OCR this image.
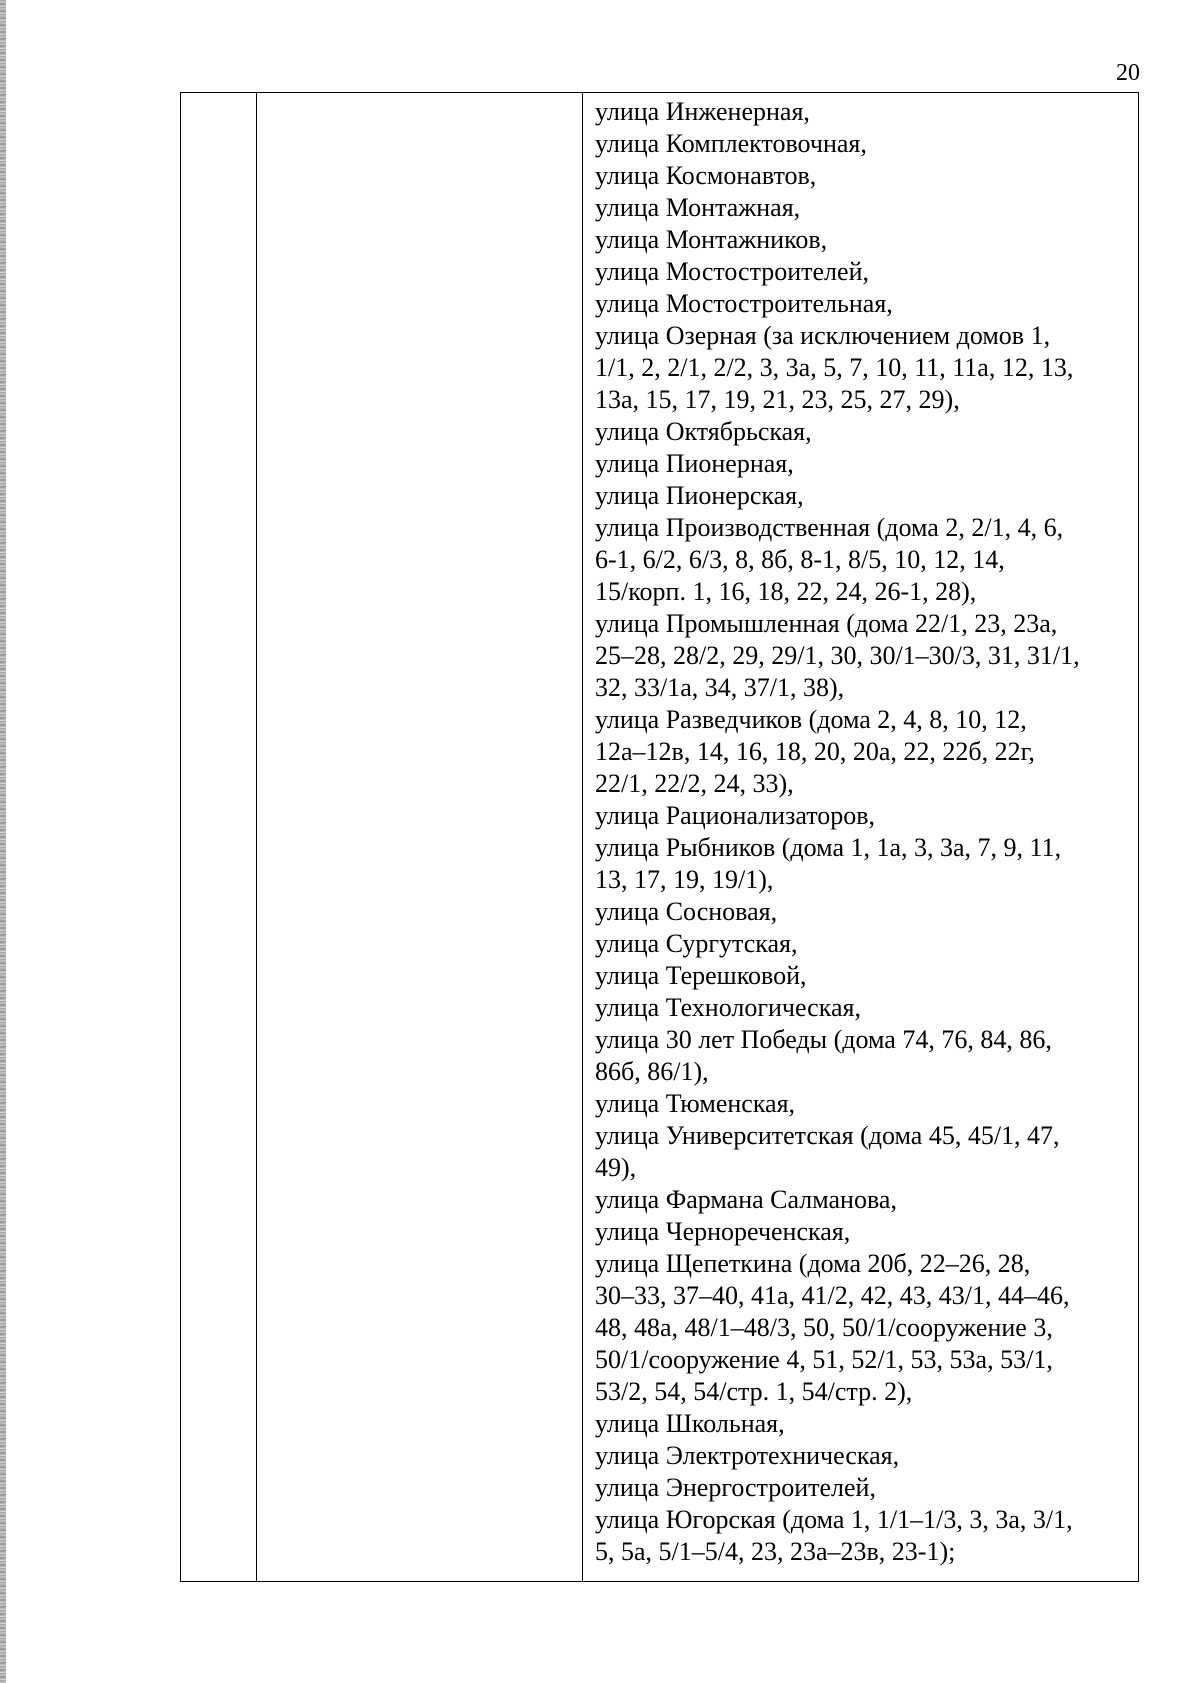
20

улица Инженерная,
улица Комплектовочная,
улица Космонавтов,
улица Монтажная,
улица Монтажников,
улица Мостостроителей,
улица Мостостроительная,
улица Озерная (за исключением домов 1,
1/1, 2, 2/1, 2/2, 3, 3а, 5, 7, 10, 11, 11а, 12, 13,
13а, 15, 17, 19, 21, 23, 25, 27, 29),
улица Октябрьская,
улица Пионерная,
улица Пионерская,
улица Производственная (дома 2, 2/1, 4, 6,
6-1, 6/2, 6/3, 8, 8б, 8-1, 8/5, 10, 12, 14,
15/корп. 1, 16, 18, 22, 24, 26-1, 28),
улица Промышленная (дома 22/1, 23, 23а,
25–28, 28/2, 29, 29/1, 30, 30/1–30/3, 31, 31/1,
32, 33/1а, 34, 37/1, 38),
улица Разведчиков (дома 2, 4, 8, 10, 12,
12а–12в, 14, 16, 18, 20, 20а, 22, 22б, 22г,
22/1, 22/2, 24, 33),
улица Рационализаторов,
улица Рыбников (дома 1, 1а, 3, 3а, 7, 9, 11,
13, 17, 19, 19/1),
улица Сосновая,
улица Сургутская,
улица Терешковой,
улица Технологическая,
улица 30 лет Победы (дома 74, 76, 84, 86,
86б, 86/1),
улица Тюменская,
улица Университетская (дома 45, 45/1, 47,
49),
улица Фармана Салманова,
улица Чернореченская,
улица Щепеткина (дома 20б, 22–26, 28,
30–33, 37–40, 41а, 41/2, 42, 43, 43/1, 44–46,
48, 48а, 48/1–48/3, 50, 50/1/сооружение 3,
50/1/сооружение 4, 51, 52/1, 53, 53а, 53/1,
53/2, 54, 54/стр. 1, 54/стр. 2),
улица Школьная,
улица Электротехническая,
улица Энергостроителей,
улица Югорская (дома 1, 1/1–1/3, 3, 3а, 3/1,
5, 5а, 5/1–5/4, 23, 23а–23в, 23-1);
